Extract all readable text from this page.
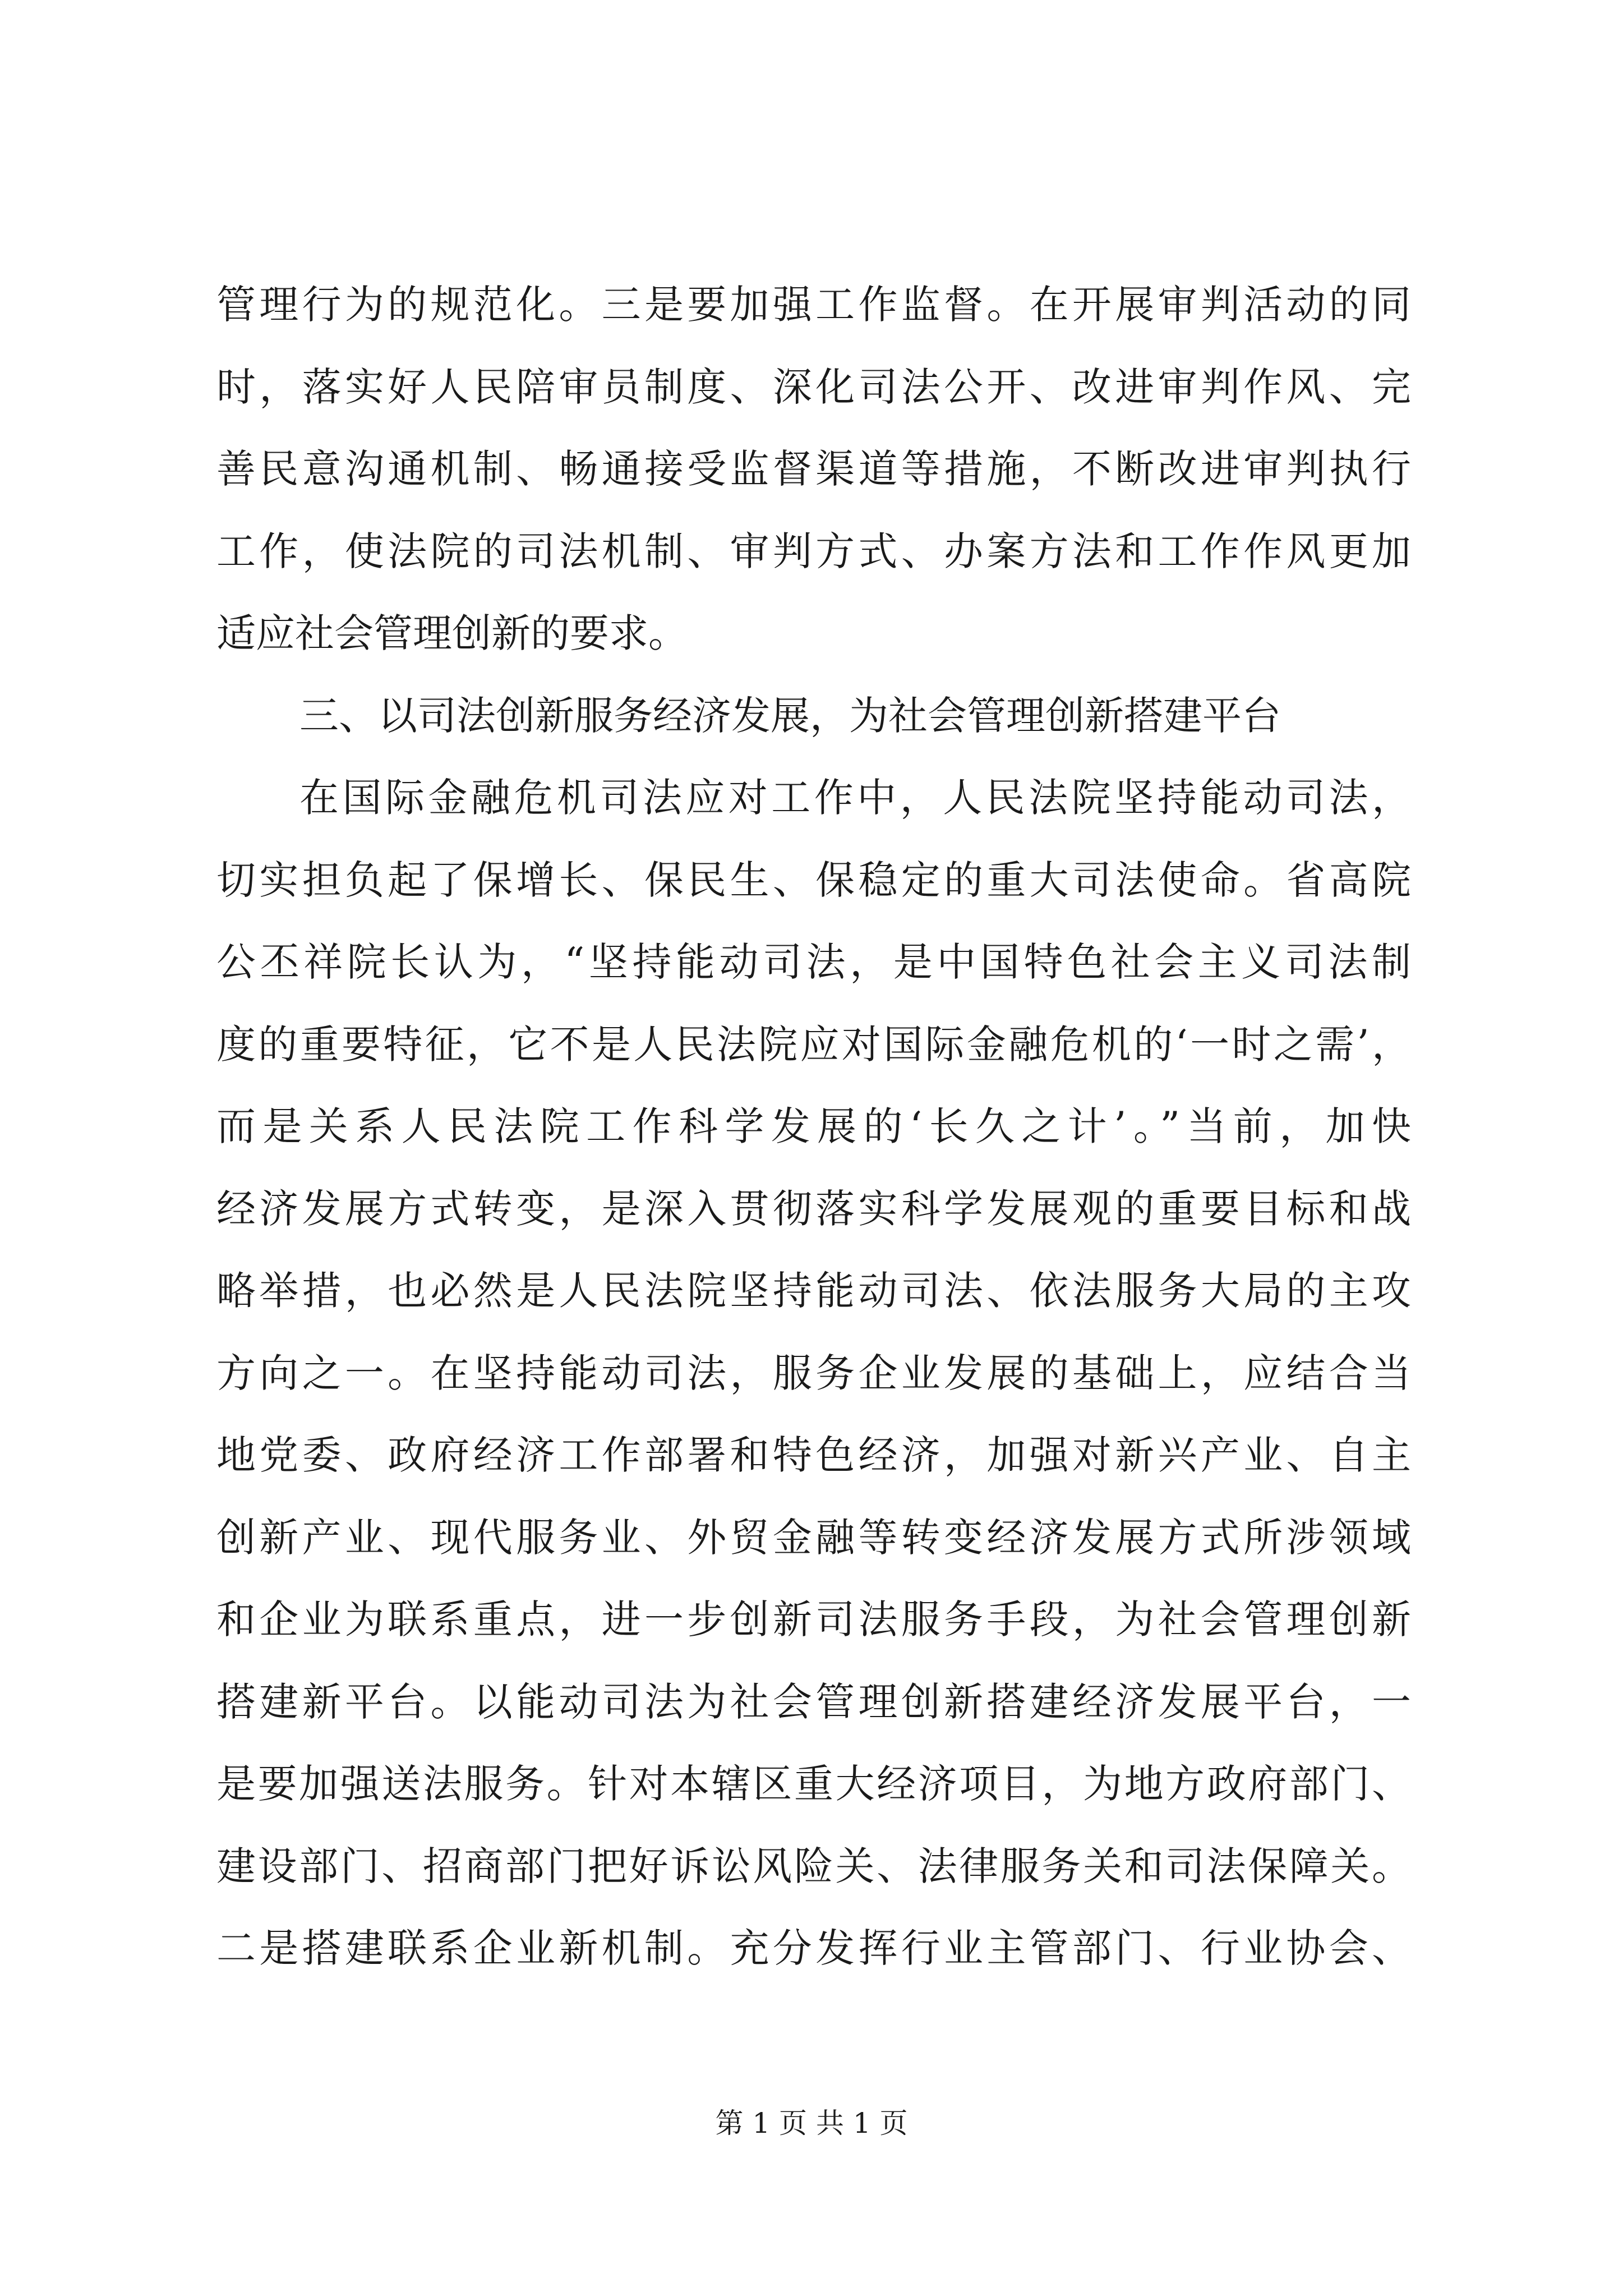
管理行为的规范化。三是要加强工作监督。在开展审判活动的同
时，落实好人民陪审员制度、深化司法公开、改进审判作风、完
善民意沟通机制、畅通接受监督渠道等措施，不断改进审判执行
工作，使法院的司法机制、审判方式、办案方法和工作作风更加
适应社会管理创新的要求。
三、以司法创新服务经济发展，为社会管理创新搭建平台
在国际金融危机司法应对工作中，人民法院坚持能动司法，
切实担负起了保增长、保民生、保稳定的重大司法使命。省高院
公丕祥院长认为，“坚持能动司法，是中国特色社会主义司法制
度的重要特征，它不是人民法院应对国际金融危机的‘一时之需’，
而是关系人民法院工作科学发展的‘长久之计’。”当前，加快
经济发展方式转变，是深入贯彻落实科学发展观的重要目标和战
略举措，也必然是人民法院坚持能动司法、依法服务大局的主攻
方向之一。在坚持能动司法，服务企业发展的基础上，应结合当
地党委、政府经济工作部署和特色经济，加强对新兴产业、自主
创新产业、现代服务业、外贸金融等转变经济发展方式所涉领域
和企业为联系重点，进一步创新司法服务手段，为社会管理创新
搭建新平台。以能动司法为社会管理创新搭建经济发展平台，一
是要加强送法服务。针对本辖区重大经济项目，为地方政府部门、
建设部门、招商部门把好诉讼风险关、法律服务关和司法保障关。
二是搭建联系企业新机制。充分发挥行业主管部门、行业协会、
第 1 页 共 1 页
